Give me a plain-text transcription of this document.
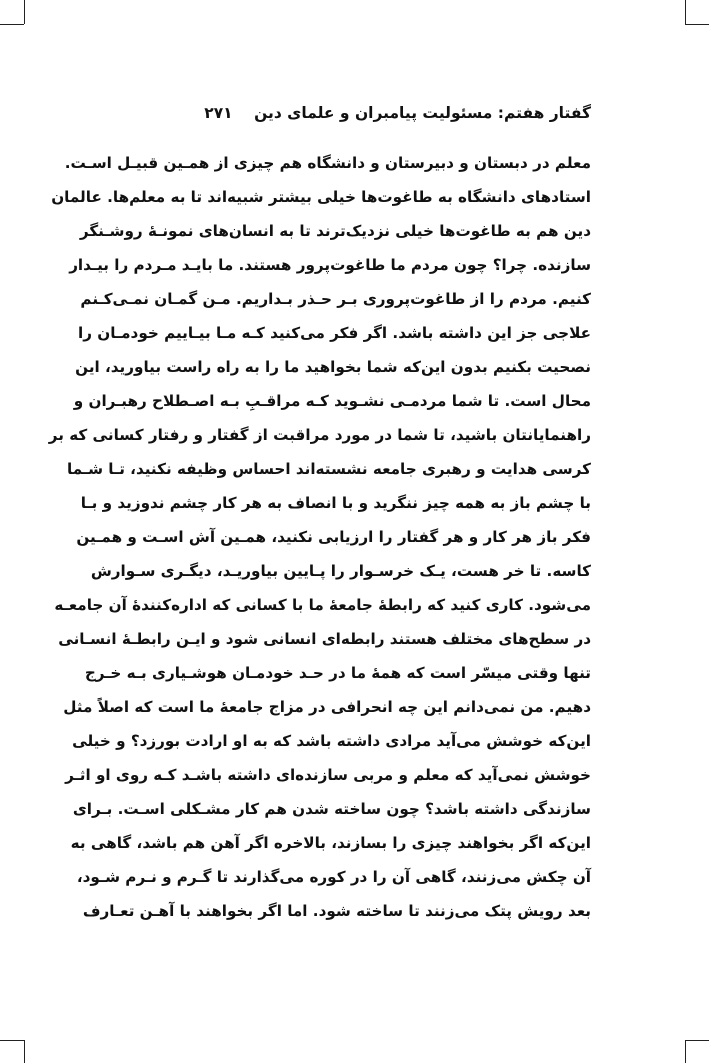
گفتار هفتم: مسئولیت پیامبران و علمای دین ۲۷۱
معلم در دبستان و دبیرستان و دانشگاه هم چیزی از همـین قبیـل اسـت.
استادهای دانشگاه به طاغوت‌ها خیلی بیشتر شبیه‌اند تا به معلم‌ها. عالمان
دین هم به طاغوت‌ها خیلی نزدیک‌ترند تا به انسان‌های نمونـهٔ روشـنگر
سازنده. چرا؟ چون مردم ما طاغوت‌پرور هستند. ما بایـد مـردم را بیـدار
کنیم. مردم را از طاغوت‌پروری بـر حـذر بـداریم. مـن گمـان نمـی‌کـنم
علاجی جز این داشته باشد. اگر فکر می‌کنید کـه مـا بیـاییم خودمـان را
نصحیت بکنیم بدون این‌که شما بخواهید ما را به راه راست بیاورید، این
محال است. تا شما مردمـی نشـوید کـه مراقـبِ بـه اصـطلاح رهبـران و
راهنمایانتان باشید، تا شما در مورد مراقبت از گفتار و رفتار کسانی که بر
کرسی هدایت و رهبری جامعه نشسته‌اند احساس وظیفه نکنید، تـا شـما
با چشم باز به همه چیز ننگرید و با انصاف به هر کار چشم ندوزید و بـا
فکر باز هر کار و هر گفتار را ارزیابی نکنید، همـین آش اسـت و همـین
کاسه. تا خر هست، یـک خرسـوار را پـایین بیاوریـد، دیگـری سـوارش
می‌شود. کاری کنید که رابطهٔ جامعهٔ ما با کسانی که اداره‌کنندهٔ آن جامعـه
در سطح‌های مختلف هستند رابطه‌ای انسانی شود و ایـن رابطـهٔ انسـانی
تنها وقتی میسّر است که همهٔ ما در حـد خودمـان هوشـیاری بـه خـرج
دهیم. من نمی‌دانم این چه انحرافی در مزاج جامعهٔ ما است که اصلاً مثل
این‌که خوشش می‌آید مرادی داشته باشد که به او ارادت بورزد؟ و خیلی
خوشش نمی‌آید که معلم و مربی سازنده‌ای داشته باشـد کـه روی او اثـر
سازندگی داشته باشد؟ چون ساخته شدن هم کار مشـکلی اسـت. بـرای
این‌که اگر بخواهند چیزی را بسازند، بالاخره اگر آهن هم باشد، گاهی به
آن چکش می‌زنند، گاهی آن را در کوره می‌گذارند تا گـرم و نـرم شـود،
بعد رویش پتک می‌زنند تا ساخته شود. اما اگر بخواهند با آهـن تعـارف
